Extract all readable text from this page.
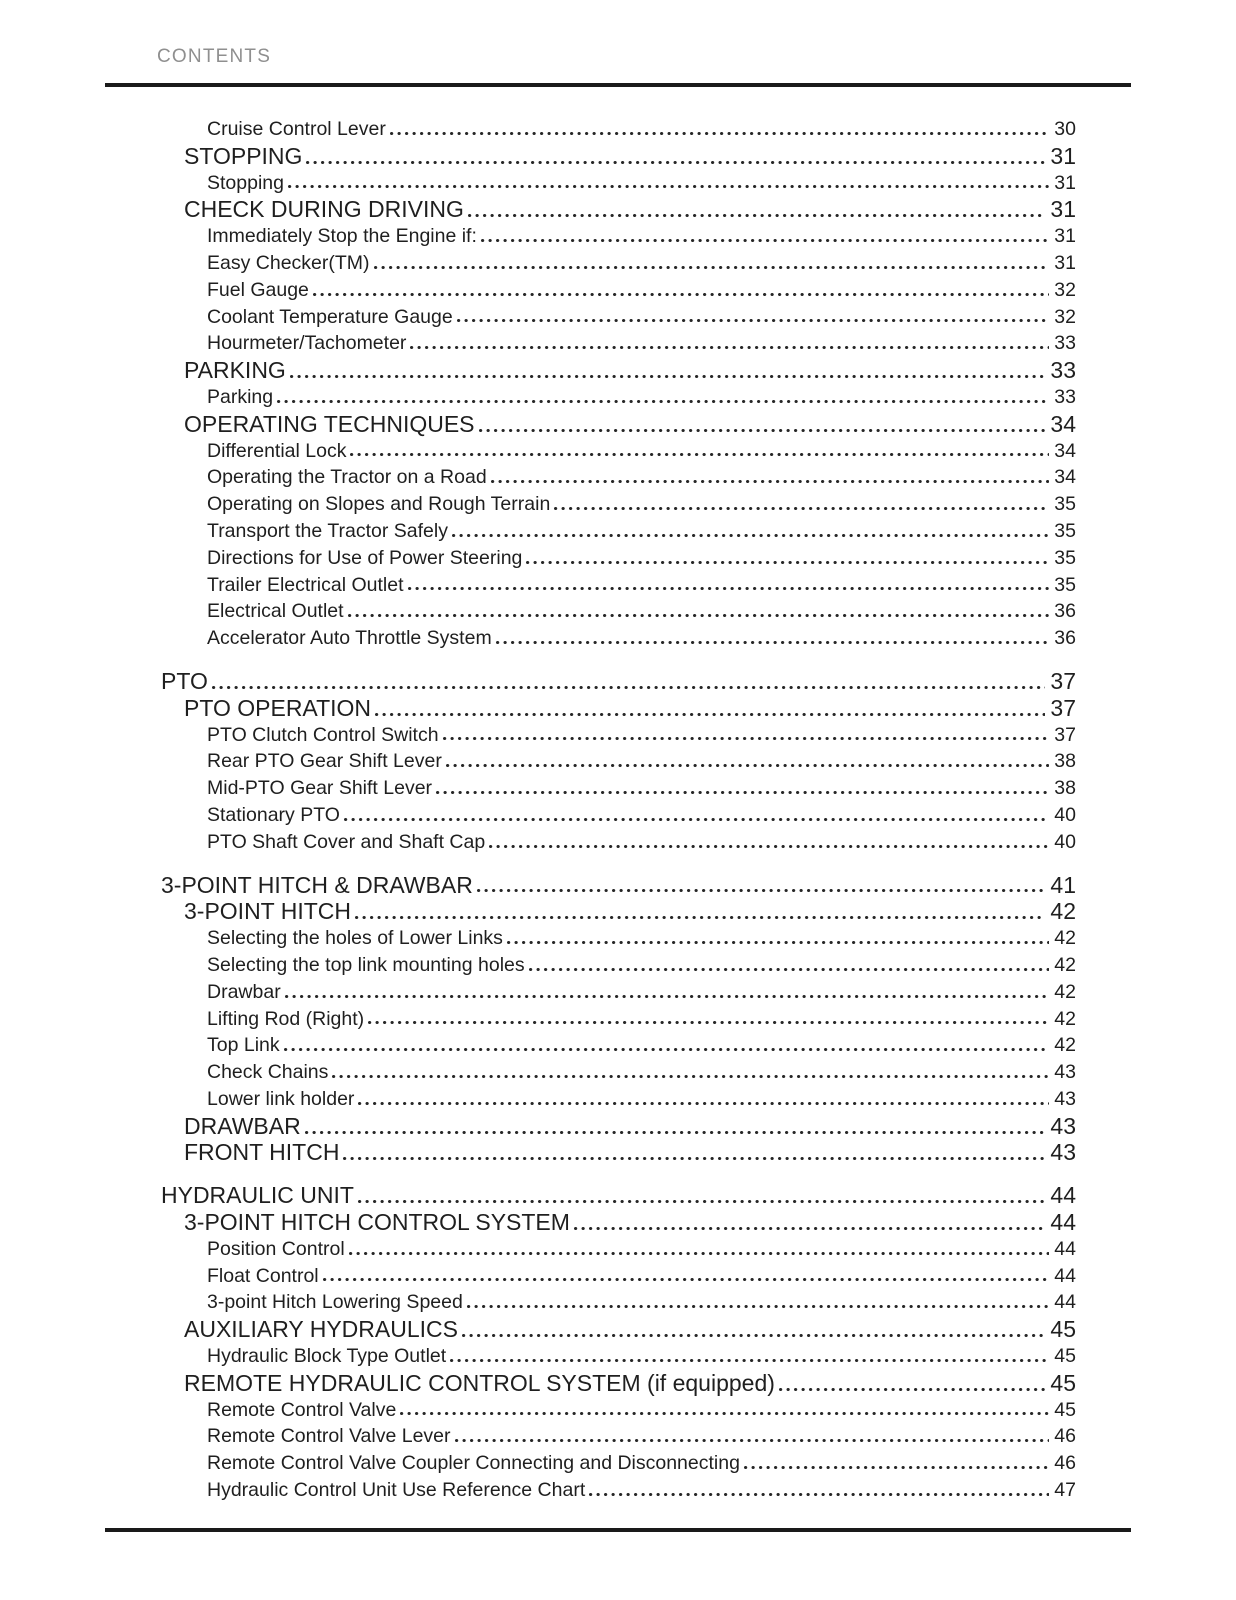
CONTENTS
Cruise Control Lever	30
STOPPING	31
Stopping	31
CHECK DURING DRIVING	31
Immediately Stop the Engine if:	31
Easy Checker(TM)	31
Fuel Gauge	32
Coolant Temperature Gauge	32
Hourmeter/Tachometer	33
PARKING	33
Parking	33
OPERATING TECHNIQUES	34
Differential Lock	34
Operating the Tractor on a Road	34
Operating on Slopes and Rough Terrain	35
Transport the Tractor Safely	35
Directions for Use of Power Steering	35
Trailer Electrical Outlet	35
Electrical Outlet	36
Accelerator Auto Throttle System	36
PTO	37
PTO OPERATION	37
PTO Clutch Control Switch	37
Rear PTO Gear Shift Lever	38
Mid-PTO Gear Shift Lever	38
Stationary PTO	40
PTO Shaft Cover and Shaft Cap	40
3-POINT HITCH & DRAWBAR	41
3-POINT HITCH	42
Selecting the holes of Lower Links	42
Selecting the top link mounting holes	42
Drawbar	42
Lifting Rod (Right)	42
Top Link	42
Check Chains	43
Lower link holder	43
DRAWBAR	43
FRONT HITCH	43
HYDRAULIC UNIT	44
3-POINT HITCH CONTROL SYSTEM	44
Position Control	44
Float Control	44
3-point Hitch Lowering Speed	44
AUXILIARY HYDRAULICS	45
Hydraulic Block Type Outlet	45
REMOTE HYDRAULIC CONTROL SYSTEM (if equipped)	45
Remote Control Valve	45
Remote Control Valve Lever	46
Remote Control Valve Coupler Connecting and Disconnecting	46
Hydraulic Control Unit Use Reference Chart	47
